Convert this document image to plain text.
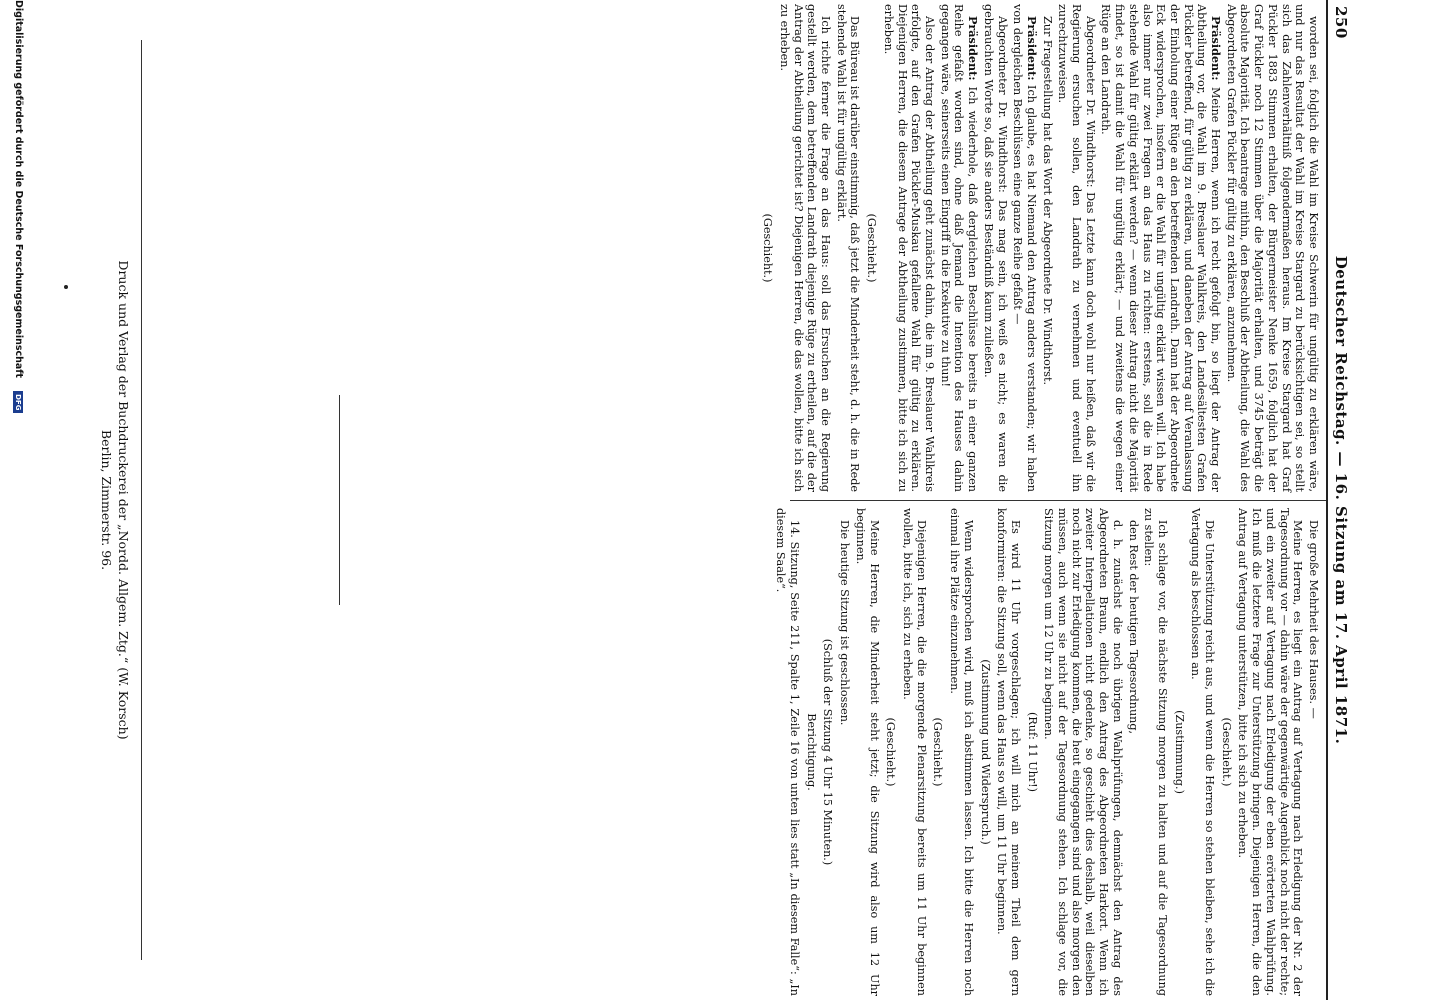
250
Deutscher Reichstag. — 16. Sitzung am 17. April 1871.

worden sei, folglich die Wahl im Kreise Schwerin für ungültig zu erklären wäre, und nur das Resultat der Wahl im Kreise Stargard zu berücksichtigen sei, so stellt sich das Zahlenverhältniß folgendermaßen heraus. Im Kreise Stargard hat Graf Pückler 1883 Stimmen erhalten, der Bürgermeister Nenke 1659, folglich hat der Graf Pückler noch 12 Stimmen über die Majorität erhalten, und 3745 beträgt die absolute Majorität. Ich beantrage mithin, den Beschluß der Abtheilung, die Wahl des Abgeordneten Grafen Pückler für gültig zu erklären, anzunehmen.

Präsident: Meine Herren, wenn ich recht gefolgt bin, so liegt der Antrag der Abtheilung vor, die Wahl im 9. Breslauer Wahlkreis, den Landesältesten Grafen Pückler betreffend, für gültig zu erklären, und daneben der Antrag auf Veranlassung der Einholung einer Rüge an den betreffenden Landrath. Dann hat der Abgeordnete Eck widersprochen, insofern er die Wahl für ungültig erklärt wissen will. Ich habe also immer nur zwei Fragen an das Haus zu richten: erstens, soll die in Rede stehende Wahl für gültig erklärt werden? — wenn dieser Antrag nicht die Majorität findet, so ist damit die Wahl für ungültig erklärt; — und zweitens die wegen einer Rüge an den Landrath.

Abgeordneter Dr. Windthorst: Das Letzte kann doch wohl nur heißen, daß wir die Regierung ersuchen sollen, den Landrath zu vernehmen und eventuell ihn zurechtzuweisen.

Zur Fragestellung hat das Wort der Abgeordnete Dr. Windthorst.

Präsident: Ich glaube, es hat Niemand den Antrag anders verstanden; wir haben von dergleichen Beschlüssen eine ganze Reihe gefaßt —

Abgeordneter Dr. Windthorst: Das mag sein, ich weiß es nicht; es waren die gebrauchten Worte so, daß sie anders Beständniß kaum zuließen.

Präsident: Ich wiederhole, daß dergleichen Beschlüsse bereits in einer ganzen Reihe gefaßt worden sind, ohne daß Jemand die Intention des Hauses dahin gegangen wäre, seinerseits einen Eingriff in die Exekutive zu thun!

Also der Antrag der Abtheilung geht zunächst dahin, die im 9. Breslauer Wahlkreis erfolgte, auf den Grafen Pückler-Muskau gefallene Wahl für gültig zu erklären. Diejenigen Herren, die diesem Antrage der Abtheilung zustimmen, bitte ich sich zu erheben.

(Geschieht.)

Das Büreau ist darüber einstimmig, daß jetzt die Minderheit steht, d. h. die in Rede stehende Wahl ist für ungültig erklärt.

Ich richte ferner die Frage an das Haus: soll das Ersuchen an die Regierung gestellt werden, dem betreffenden Landrath diejenige Rüge zu ertheilen, auf die der Antrag der Abtheilung gerichtet ist? Diejenigen Herren, die das wollen, bitte ich sich zu erheben.

(Geschieht.)

Die große Mehrheit des Hauses. —

Meine Herren, es liegt ein Antrag auf Vertagung nach Erledigung der Nr. 2 der Tagesordnung vor — dahin wäre der gegenwärtige Augenblick noch nicht der rechte; und ein zweiter auf Vertagung nach Erledigung der eben erörterten Wahlprüfung. Ich muß die letztere Frage zur Unterstützung bringen. Diejenigen Herren, die den Antrag auf Vertagung unterstützen, bitte ich sich zu erheben.

(Geschieht.)

Die Unterstützung reicht aus, und wenn die Herren so stehen bleiben, sehe ich die Vertagung als beschlossen an.

(Zustimmung.)

Ich schlage vor, die nächste Sitzung morgen zu halten und auf die Tagesordnung zu stellen:

den Rest der heutigen Tagesordnung,

d. h. zunächst die noch übrigen Wahlprüfungen, demnächst den Antrag des Abgeordneten Braun, endlich den Antrag des Abgeordneten Harkort. Wenn ich zweiter Interpellationen nicht gedenke, so geschieht dies deshalb, weil dieselben noch nicht zur Erledigung kommen, die heut eingegangen sind und also morgen den müssen, auch wenn sie nicht auf der Tagesordnung stehen. Ich schlage vor, die Sitzung morgen um 12 Uhr zu beginnen.

(Ruf: 11 Uhr!)

Es wird 11 Uhr vorgeschlagen; ich will mich an meinem Theil dem gern konformiren: die Sitzung soll, wenn das Haus so will, um 11 Uhr beginnen.

(Zustimmung und Widerspruch.)

Wenn widersprochen wird, muß ich abstimmen lassen. Ich bitte die Herren noch einmal ihre Plätze einzunehmen.

(Geschieht.)

Diejenigen Herren, die die morgende Plenarsitzung bereits um 11 Uhr beginnen wollen, bitte ich, sich zu erheben.

(Geschieht.)

Meine Herren, die Minderheit steht jetzt; die Sitzung wird also um 12 Uhr beginnen.

Die heutige Sitzung ist geschlossen.

(Schluß der Sitzung 4 Uhr 15 Minuten.)

Berichtigung.

14. Sitzung, Seite 211, Spalte 1, Zeile 16 von unten lies statt „In diesem Falle“: „In diesem Saale“.

Druck und Verlag der Buchdruckerei der „Nordd. Allgem. Ztg.“ (W. Korsch)
Berlin, Zimmerstr. 96.
Digitalisierung gefördert durch die Deutsche Forschungsgemeinschaft DFG
